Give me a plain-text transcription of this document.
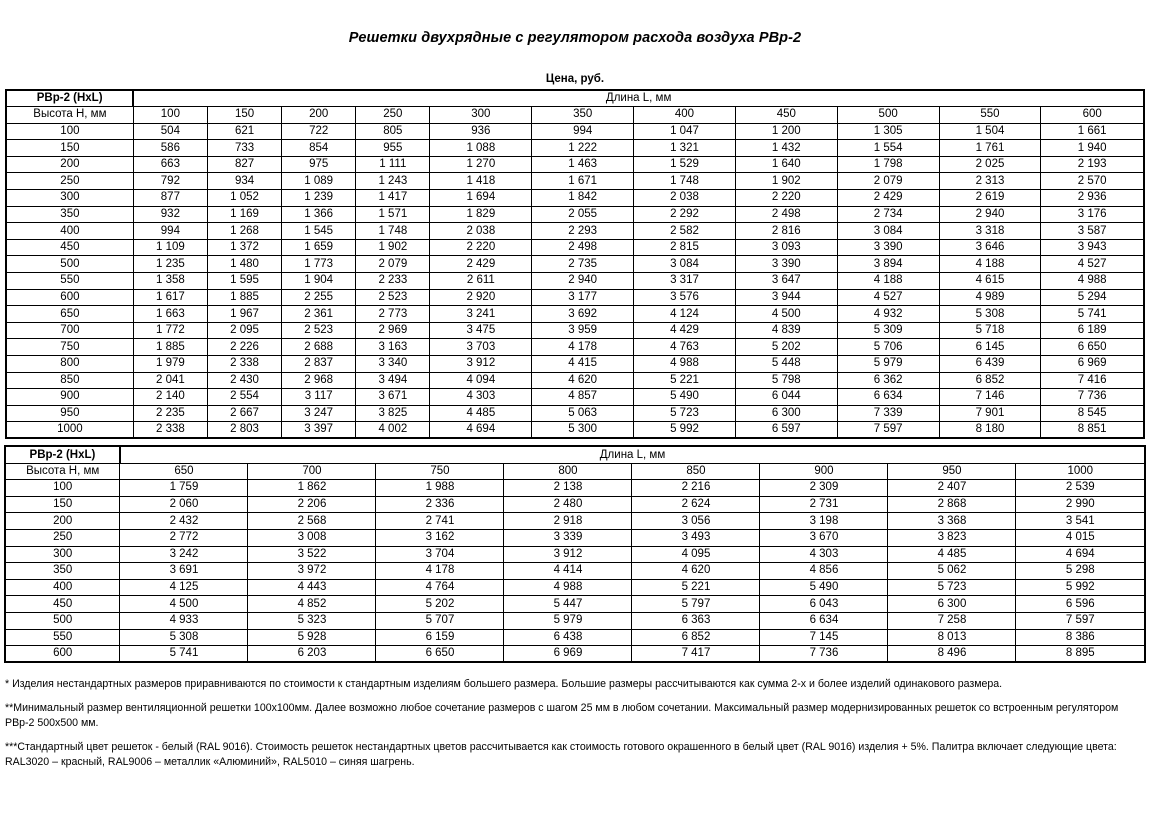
Решетки двухрядные с регулятором расхода воздуха РВр-2
Цена, руб.
РВр-2 (HxL)	Длина L, мм										
Высота H, мм	100	150	200	250	300	350	400	450	500	550	600
100	504	621	722	805	936	994	1 047	1 200	1 305	1 504	1 661
150	586	733	854	955	1 088	1 222	1 321	1 432	1 554	1 761	1 940
200	663	827	975	1 111	1 270	1 463	1 529	1 640	1 798	2 025	2 193
250	792	934	1 089	1 243	1 418	1 671	1 748	1 902	2 079	2 313	2 570
300	877	1 052	1 239	1 417	1 694	1 842	2 038	2 220	2 429	2 619	2 936
350	932	1 169	1 366	1 571	1 829	2 055	2 292	2 498	2 734	2 940	3 176
400	994	1 268	1 545	1 748	2 038	2 293	2 582	2 816	3 084	3 318	3 587
450	1 109	1 372	1 659	1 902	2 220	2 498	2 815	3 093	3 390	3 646	3 943
500	1 235	1 480	1 773	2 079	2 429	2 735	3 084	3 390	3 894	4 188	4 527
550	1 358	1 595	1 904	2 233	2 611	2 940	3 317	3 647	4 188	4 615	4 988
600	1 617	1 885	2 255	2 523	2 920	3 177	3 576	3 944	4 527	4 989	5 294
650	1 663	1 967	2 361	2 773	3 241	3 692	4 124	4 500	4 932	5 308	5 741
700	1 772	2 095	2 523	2 969	3 475	3 959	4 429	4 839	5 309	5 718	6 189
750	1 885	2 226	2 688	3 163	3 703	4 178	4 763	5 202	5 706	6 145	6 650
800	1 979	2 338	2 837	3 340	3 912	4 415	4 988	5 448	5 979	6 439	6 969
850	2 041	2 430	2 968	3 494	4 094	4 620	5 221	5 798	6 362	6 852	7 416
900	2 140	2 554	3 117	3 671	4 303	4 857	5 490	6 044	6 634	7 146	7 736
950	2 235	2 667	3 247	3 825	4 485	5 063	5 723	6 300	7 339	7 901	8 545
1000	2 338	2 803	3 397	4 002	4 694	5 300	5 992	6 597	7 597	8 180	8 851
РВр-2 (HxL)	Длина L, мм							
Высота H, мм	650	700	750	800	850	900	950	1000
100	1 759	1 862	1 988	2 138	2 216	2 309	2 407	2 539
150	2 060	2 206	2 336	2 480	2 624	2 731	2 868	2 990
200	2 432	2 568	2 741	2 918	3 056	3 198	3 368	3 541
250	2 772	3 008	3 162	3 339	3 493	3 670	3 823	4 015
300	3 242	3 522	3 704	3 912	4 095	4 303	4 485	4 694
350	3 691	3 972	4 178	4 414	4 620	4 856	5 062	5 298
400	4 125	4 443	4 764	4 988	5 221	5 490	5 723	5 992
450	4 500	4 852	5 202	5 447	5 797	6 043	6 300	6 596
500	4 933	5 323	5 707	5 979	6 363	6 634	7 258	7 597
550	5 308	5 928	6 159	6 438	6 852	7 145	8 013	8 386
600	5 741	6 203	6 650	6 969	7 417	7 736	8 496	8 895

* Изделия нестандартных размеров приравниваются по стоимости к стандартным изделиям большего размера. Большие размеры рассчитываются как сумма 2-х и более изделий одинакового размера.

**Минимальный размер вентиляционной решетки 100x100мм. Далее возможно любое сочетание размеров с шагом 25 мм в любом сочетании. Максимальный размер модернизированных решеток со встроенным регулятором РВр-2 500x500 мм.

***Стандартный цвет решеток - белый (RAL 9016). Стоимость решеток нестандартных цветов рассчитывается как стоимость готового окрашенного в белый цвет (RAL 9016) изделия + 5%. Палитра включает следующие цвета: RAL3020 – красный, RAL9006 – металлик «Алюминий», RAL5010 – синяя шагрень.
